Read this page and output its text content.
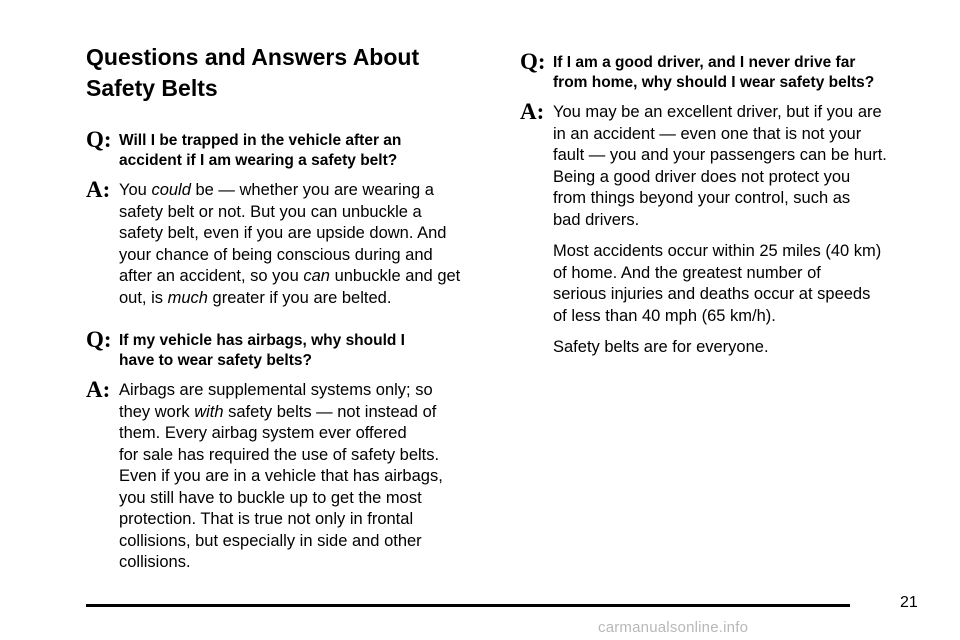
Questions and Answers About
Safety Belts
Q: Will I be trapped in the vehicle after an
accident if I am wearing a safety belt?
A: You could be — whether you are wearing a
safety belt or not. But you can unbuckle a
safety belt, even if you are upside down. And
your chance of being conscious during and
after an accident, so you can unbuckle and get
out, is much greater if you are belted.

Q: If my vehicle has airbags, why should I
have to wear safety belts?
A: Airbags are supplemental systems only; so
they work with safety belts — not instead of
them. Every airbag system ever offered
for sale has required the use of safety belts.
Even if you are in a vehicle that has airbags,
you still have to buckle up to get the most
protection. That is true not only in frontal
collisions, but especially in side and other
collisions.

Q: If I am a good driver, and I never drive far
from home, why should I wear safety belts?
A: You may be an excellent driver, but if you are
in an accident — even one that is not your
fault — you and your passengers can be hurt.
Being a good driver does not protect you
from things beyond your control, such as
bad drivers.

Most accidents occur within 25 miles (40 km)
of home. And the greatest number of
serious injuries and deaths occur at speeds
of less than 40 mph (65 km/h).

Safety belts are for everyone.

21
carmanualsonline.info
